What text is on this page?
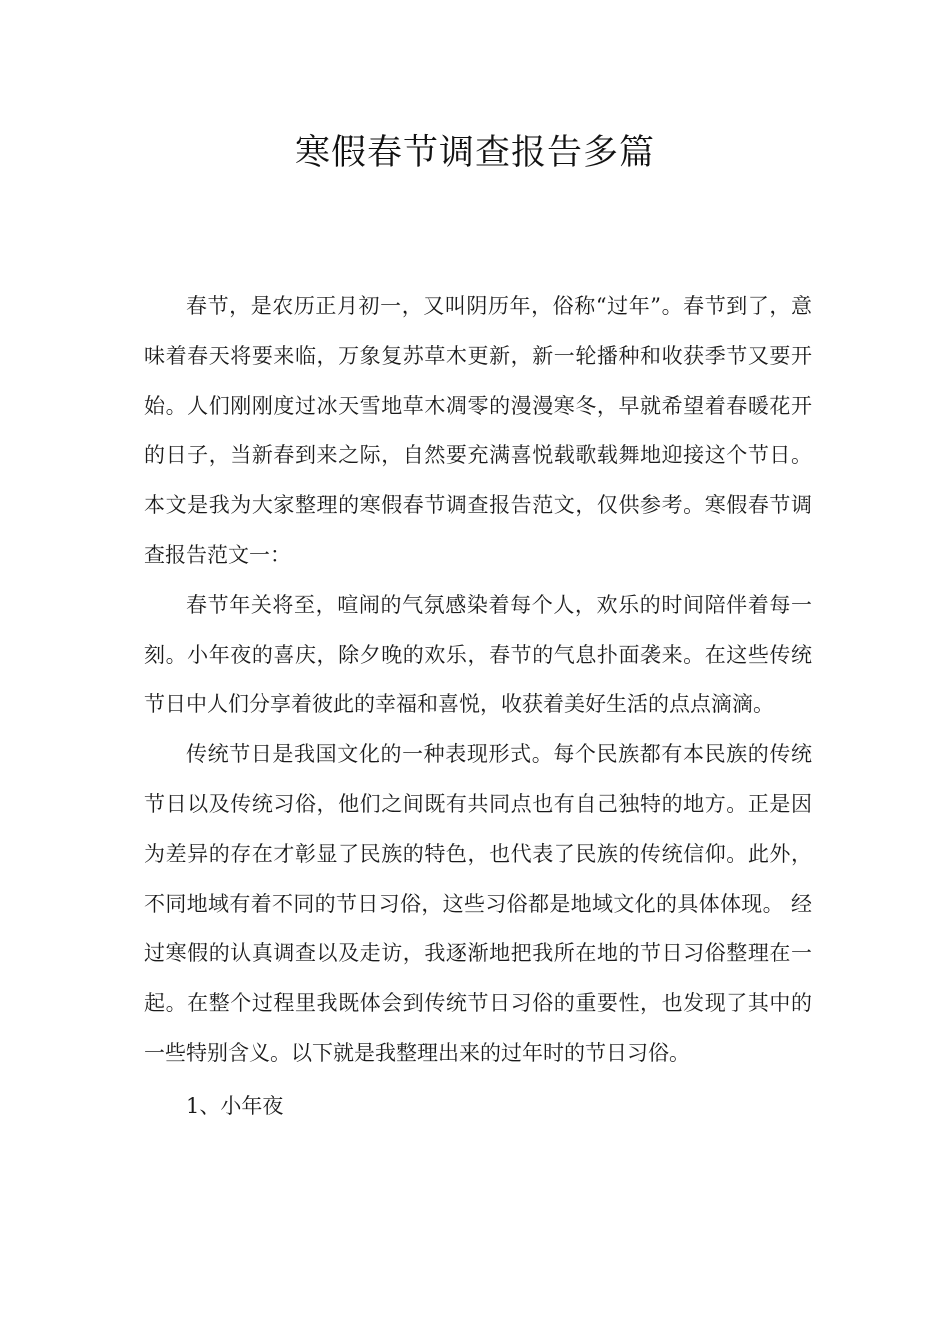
寒假春节调查报告多篇

春节，是农历正月初一，又叫阴历年，俗称“过年”。春节到了，意味着春天将要来临，万象复苏草木更新，新一轮播种和收获季节又要开始。人们刚刚度过冰天雪地草木凋零的漫漫寒冬，早就希望着春暖花开的日子，当新春到来之际，自然要充满喜悦载歌载舞地迎接这个节日。本文是我为大家整理的寒假春节调查报告范文，仅供参考。寒假春节调查报告范文一：

春节年关将至，喧闹的气氛感染着每个人，欢乐的时间陪伴着每一刻。小年夜的喜庆，除夕晚的欢乐，春节的气息扑面袭来。在这些传统节日中人们分享着彼此的幸福和喜悦，收获着美好生活的点点滴滴。

传统节日是我国文化的一种表现形式。每个民族都有本民族的传统节日以及传统习俗，他们之间既有共同点也有自己独特的地方。正是因为差异的存在才彰显了民族的特色，也代表了民族的传统信仰。此外，不同地域有着不同的节日习俗，这些习俗都是地域文化的具体体现。 经过寒假的认真调查以及走访，我逐渐地把我所在地的节日习俗整理在一起。在整个过程里我既体会到传统节日习俗的重要性，也发现了其中的一些特别含义。以下就是我整理出来的过年时的节日习俗。

1、小年夜
